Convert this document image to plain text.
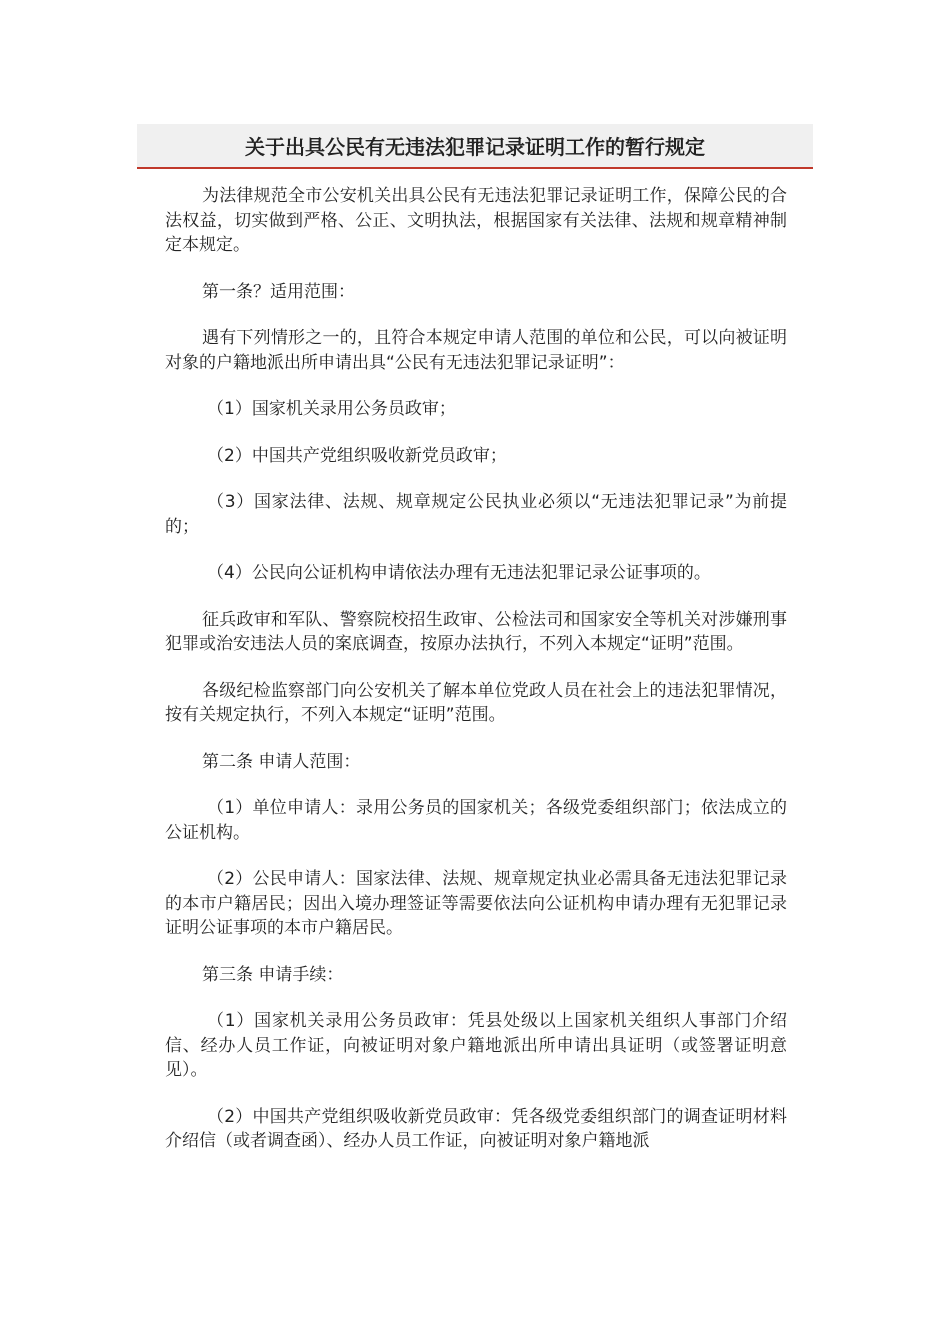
关于出具公民有无违法犯罪记录证明工作的暂行规定

为法律规范全市公安机关出具公民有无违法犯罪记录证明工作，保障公民的合法权益，切实做到严格、公正、文明执法，根据国家有关法律、法规和规章精神制定本规定。

第一条？适用范围：

遇有下列情形之一的，且符合本规定申请人范围的单位和公民，可以向被证明对象的户籍地派出所申请出具“公民有无违法犯罪记录证明”：

（1）国家机关录用公务员政审；

（2）中国共产党组织吸收新党员政审；

（3）国家法律、法规、规章规定公民执业必须以“无违法犯罪记录”为前提的；

（4）公民向公证机构申请依法办理有无违法犯罪记录公证事项的。

征兵政审和军队、警察院校招生政审、公检法司和国家安全等机关对涉嫌刑事犯罪或治安违法人员的案底调查，按原办法执行，不列入本规定“证明”范围。

各级纪检监察部门向公安机关了解本单位党政人员在社会上的违法犯罪情况，按有关规定执行，不列入本规定“证明”范围。

第二条 申请人范围：

（1）单位申请人：录用公务员的国家机关；各级党委组织部门；依法成立的公证机构。

（2）公民申请人：国家法律、法规、规章规定执业必需具备无违法犯罪记录的本市户籍居民；因出入境办理签证等需要依法向公证机构申请办理有无犯罪记录证明公证事项的本市户籍居民。

第三条 申请手续：

（1）国家机关录用公务员政审：凭县处级以上国家机关组织人事部门介绍信、经办人员工作证，向被证明对象户籍地派出所申请出具证明（或签署证明意见）。

（2）中国共产党组织吸收新党员政审：凭各级党委组织部门的调查证明材料介绍信（或者调查函）、经办人员工作证，向被证明对象户籍地派
